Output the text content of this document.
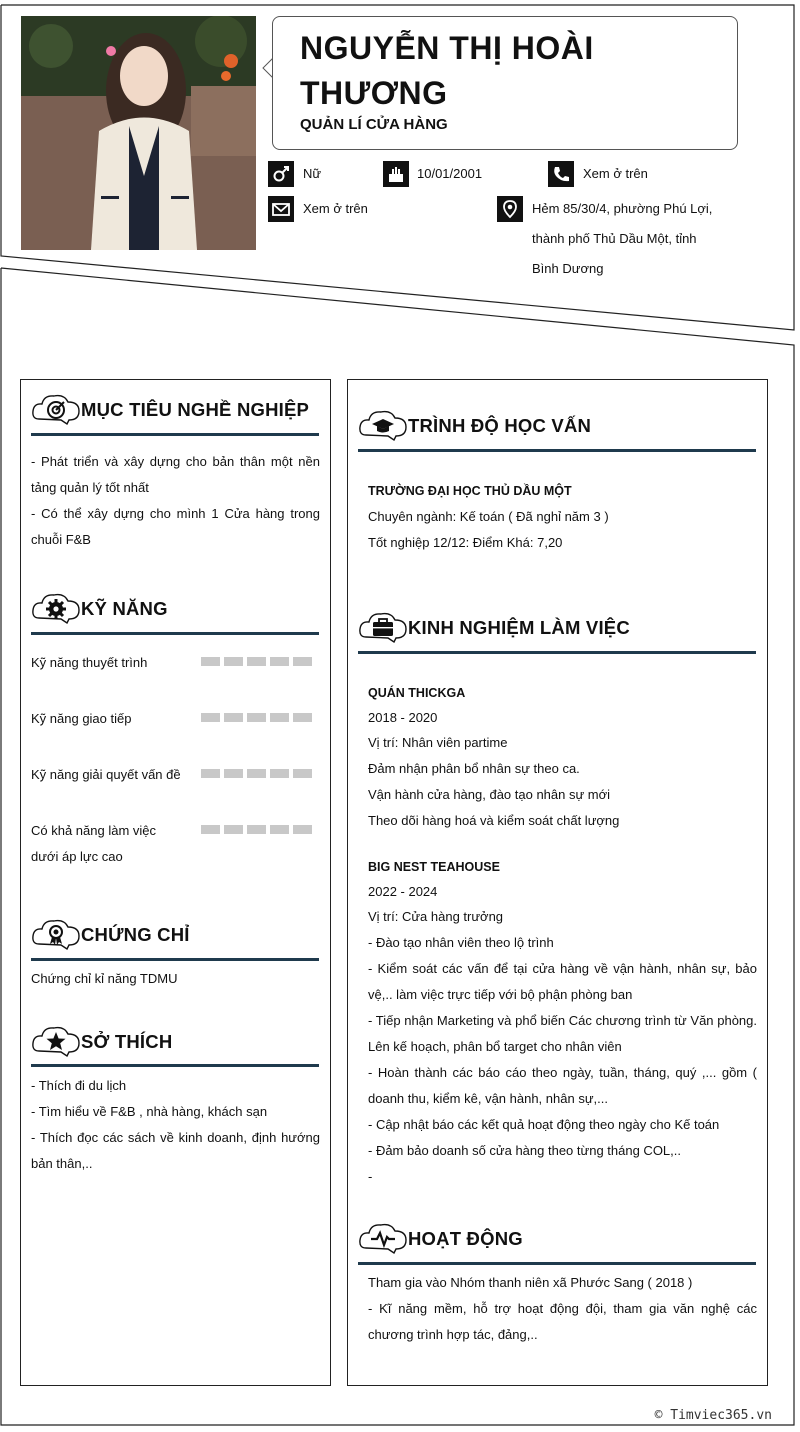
NGUYỄN THỊ HOÀI
THƯƠNG
QUẢN LÍ CỬA HÀNG
Nữ	10/01/2001	Xem ở trên
Xem ở trên	Hẻm 85/30/4, phường Phú Lợi,
thành phố Thủ Dầu Một, tỉnh
Bình Dương
MỤC TIÊU NGHỀ NGHIỆP
- Phát triển và xây dựng cho bản thân một nền tảng quản lý tốt nhất
- Có thể xây dựng cho mình 1 Cửa hàng trong chuỗi F&B
KỸ NĂNG
Kỹ năng thuyết trình
Kỹ năng giao tiếp
Kỹ năng giải quyết vấn đề
Có khả năng làm việc
dưới áp lực cao
CHỨNG CHỈ
Chứng chỉ kỉ năng TDMU
SỞ THÍCH
- Thích đi du lịch
- Tìm hiểu về F&B , nhà hàng, khách sạn
- Thích đọc các sách về kinh doanh, định hướng bản thân,..
TRÌNH ĐỘ HỌC VẤN
TRƯỜNG ĐẠI HỌC THỦ DẦU MỘT
Chuyên ngành: Kế toán ( Đã nghỉ năm 3 )
Tốt nghiệp 12/12: Điểm Khá: 7,20
KINH NGHIỆM LÀM VIỆC
QUÁN THICKGA
2018 - 2020
Vị trí: Nhân viên partime
Đảm nhận phân bổ nhân sự theo ca.
Vận hành cửa hàng, đào tạo nhân sự mới
Theo dõi hàng hoá và kiểm soát chất lượng
BIG NEST TEAHOUSE
2022 - 2024
Vị trí: Cửa hàng trưởng
- Đào tạo nhân viên theo lộ trình
- Kiểm soát các vấn để tại cửa hàng về vận hành, nhân sự, bảo vệ,.. làm việc trực tiếp với bộ phận phòng ban
- Tiếp nhận Marketing và phổ biến Các chương trình từ Văn phòng. Lên kế hoạch, phân bổ target cho nhân viên
- Hoàn thành các báo cáo theo ngày, tuần, tháng, quý ,... gồm ( doanh thu, kiểm kê, vận hành, nhân sự,...
- Cập nhật báo các kết quả hoạt động theo ngày cho Kế toán
- Đảm bảo doanh số cửa hàng theo từng tháng COL,..
-
HOẠT ĐỘNG
Tham gia vào Nhóm thanh niên xã Phước Sang ( 2018 )
- Kĩ năng mềm, hỗ trợ hoạt động đội, tham gia văn nghệ các chương trình hợp tác, đảng,..
© Timviec365.vn
